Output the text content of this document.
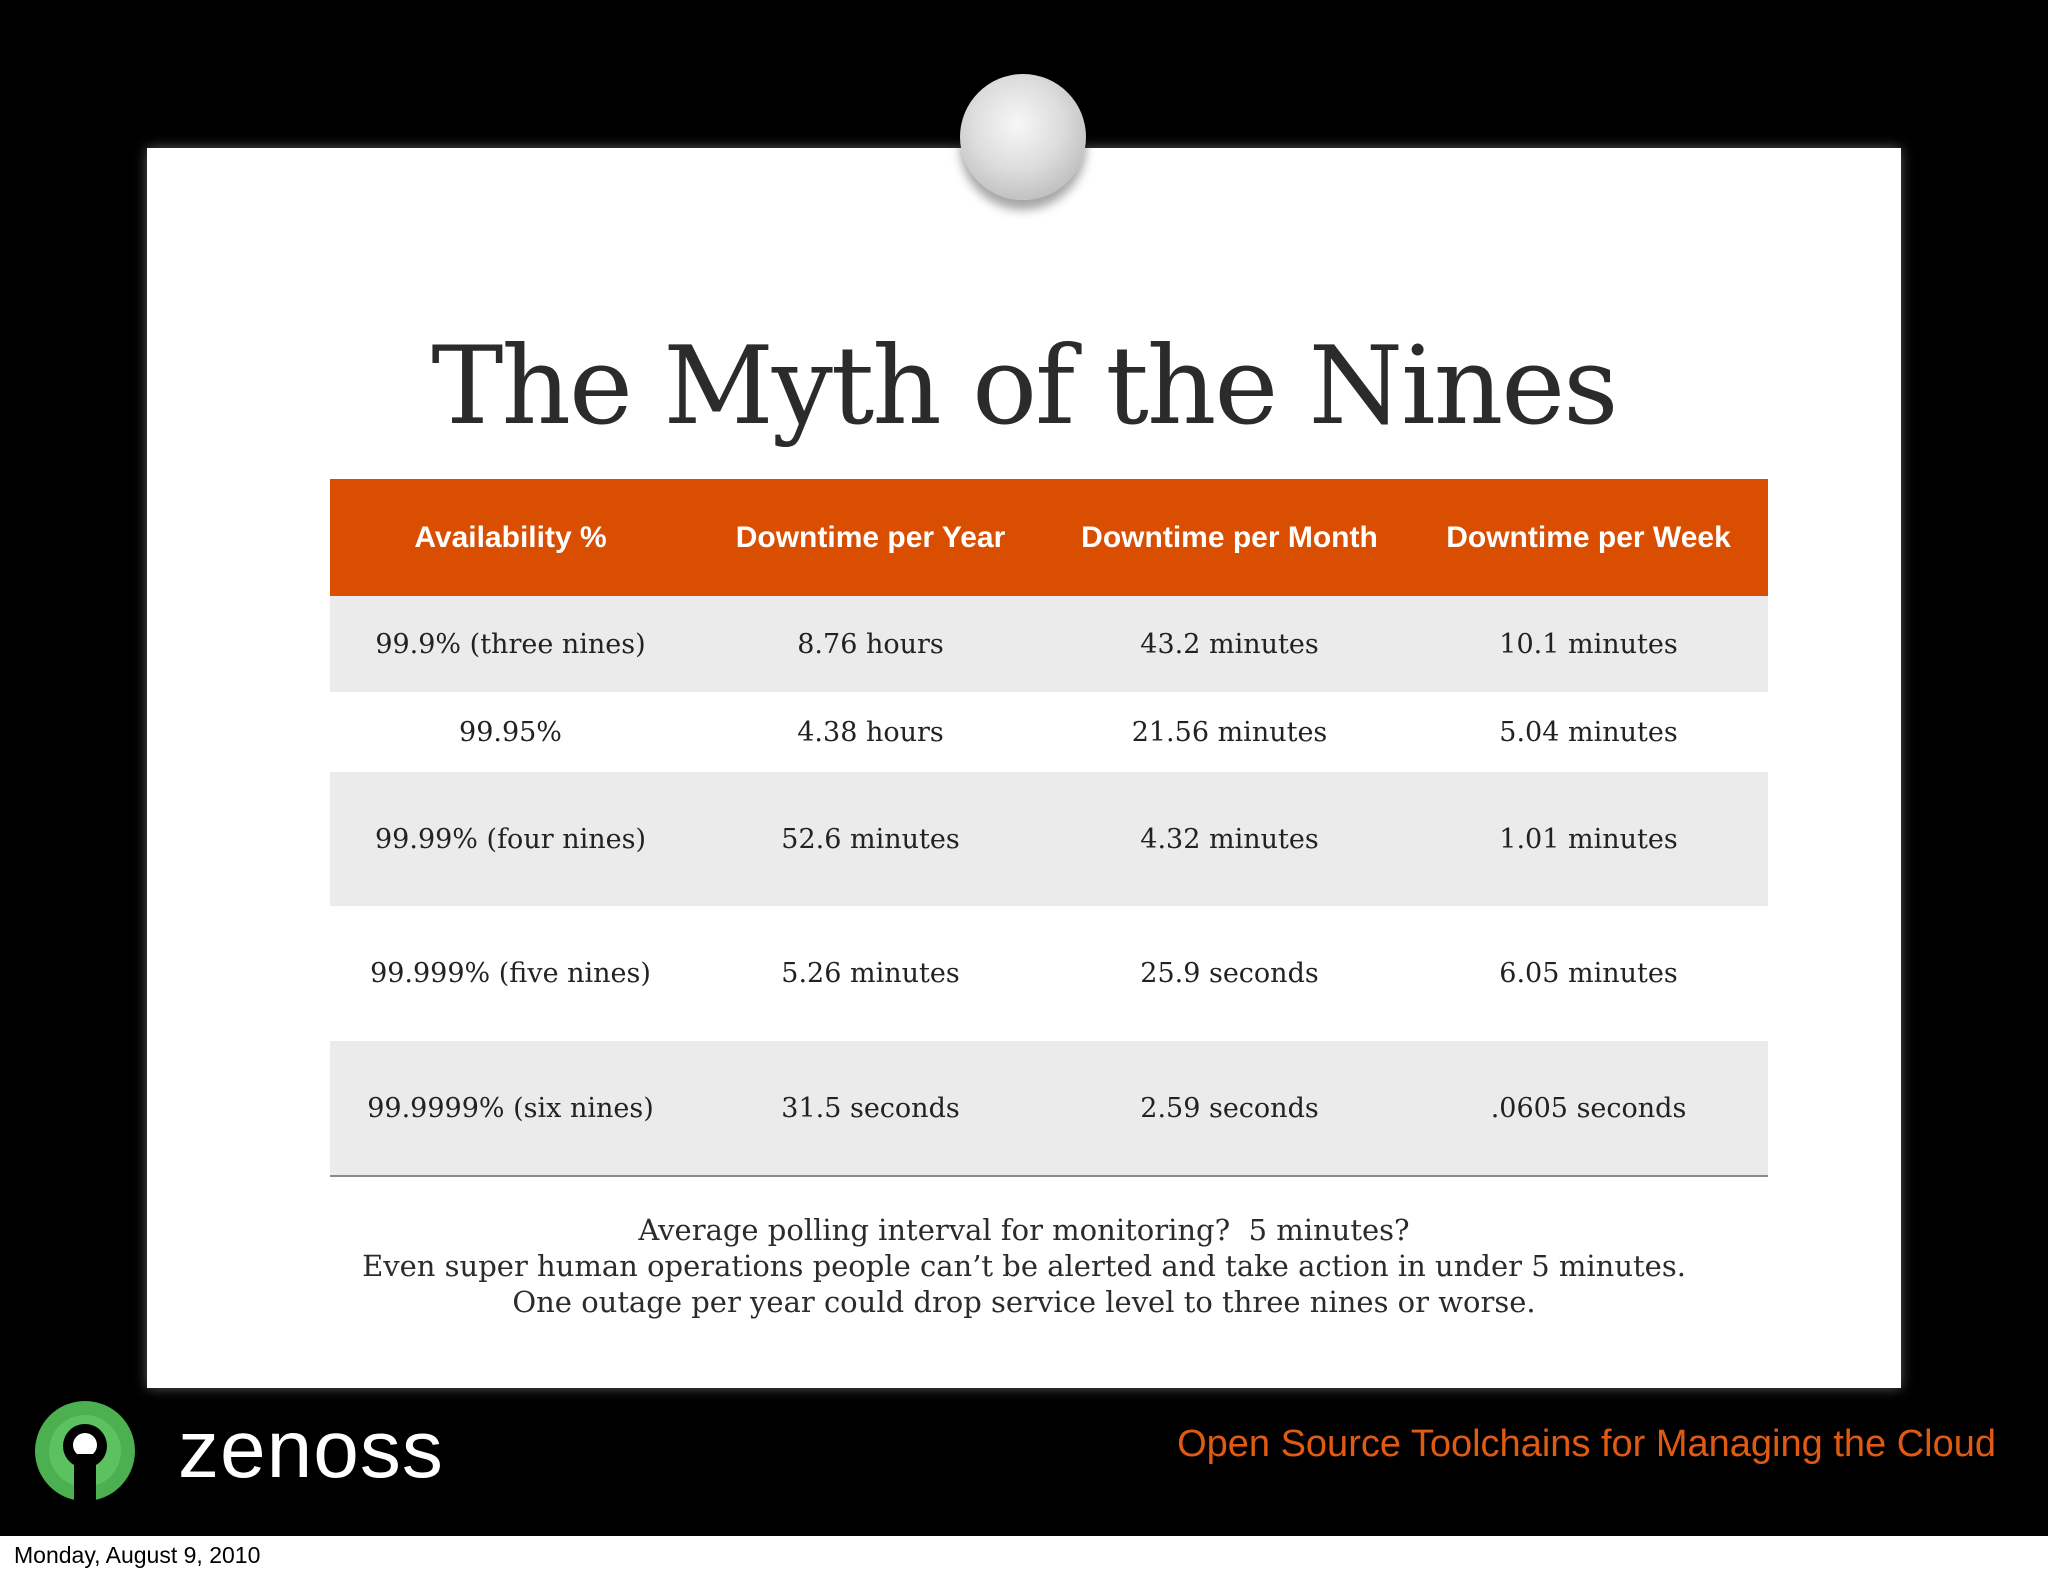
The Myth of the Nines
Availability %	Downtime per Year	Downtime per Month	Downtime per Week
99.9% (three nines)	8.76 hours	43.2 minutes	10.1 minutes
99.95%	4.38 hours	21.56 minutes	5.04 minutes
99.99% (four nines)	52.6 minutes	4.32 minutes	1.01 minutes
99.999% (five nines)	5.26 minutes	25.9 seconds	6.05 minutes
99.9999% (six nines)	31.5 seconds	2.59 seconds	.0605 seconds
Average polling interval for monitoring?  5 minutes?
Even super human operations people can’t be alerted and take action in under 5 minutes.
One outage per year could drop service level to three nines or worse.
zenoss	Open Source Toolchains for Managing the Cloud
Monday, August 9, 2010
